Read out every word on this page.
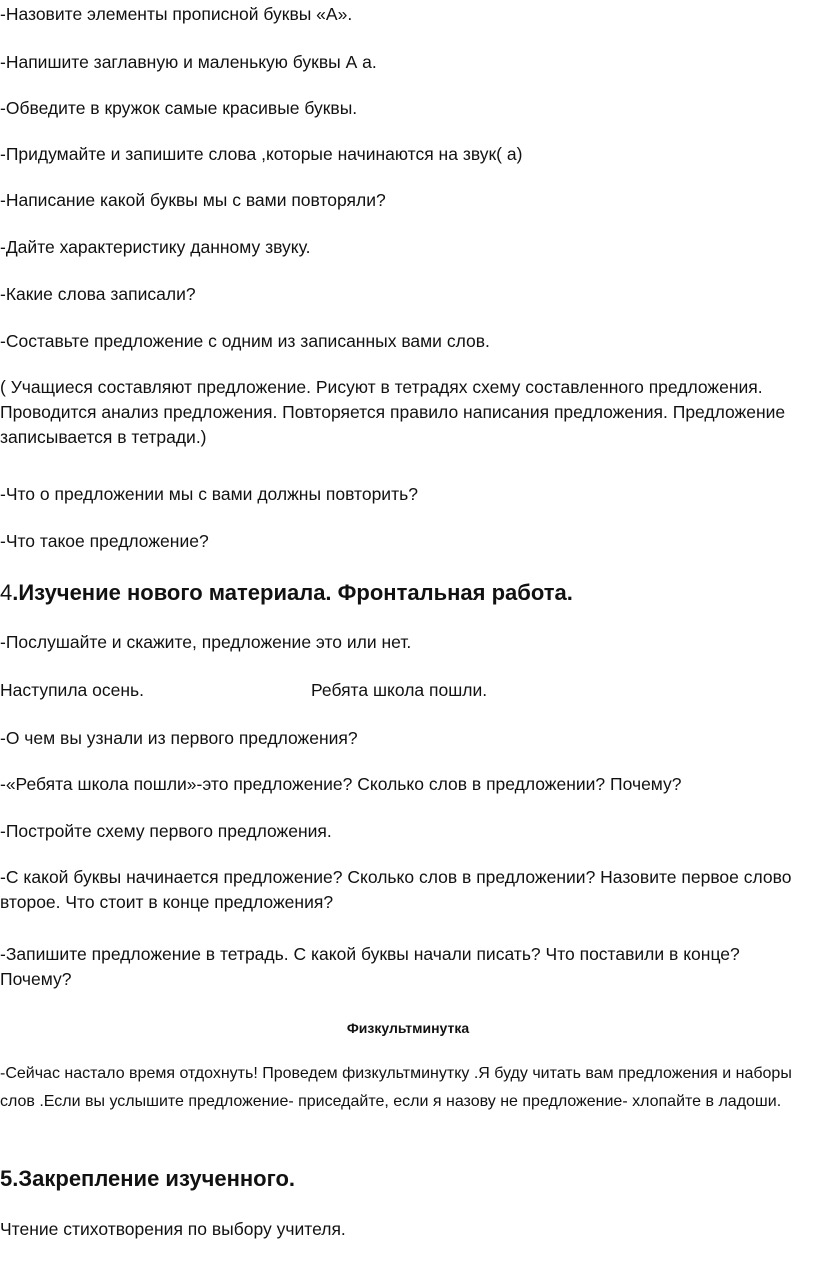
-Назовите элементы прописной буквы «А».

-Напишите заглавную и маленькую буквы А а.

-Обведите в кружок самые красивые буквы.

-Придумайте и запишите слова ,которые начинаются на звук( а)

-Написание какой буквы мы с вами повторяли?

-Дайте характеристику данному звуку.

-Какие слова записали?

-Составьте предложение с одним из записанных вами слов.

( Учащиеся составляют предложение. Рисуют в тетрадях схему составленного предложения. Проводится анализ предложения. Повторяется правило написания предложения. Предложение записывается в тетради.)

-Что о предложении мы с вами должны повторить?

-Что такое предложение?

4.Изучение нового материала. Фронтальная работа.

-Послушайте и скажите, предложение это или нет.

Наступила осень.	Ребята школа пошли.

-О чем вы узнали из первого предложения?

-«Ребята школа пошли»-это предложение? Сколько слов в предложении? Почему?

-Постройте схему первого предложения.

-С какой буквы начинается предложение? Сколько слов в предложении? Назовите первое слово второе. Что стоит в конце предложения?

-Запишите предложение в тетрадь. С какой буквы начали писать? Что поставили в конце? Почему?

Физкультминутка

-Сейчас настало время отдохнуть! Проведем физкультминутку .Я буду читать вам предложения и наборы слов .Если вы услышите предложение- приседайте, если я назову не предложение- хлопайте в ладоши.

5.Закрепление изученного.

Чтение стихотворения по выбору учителя.
